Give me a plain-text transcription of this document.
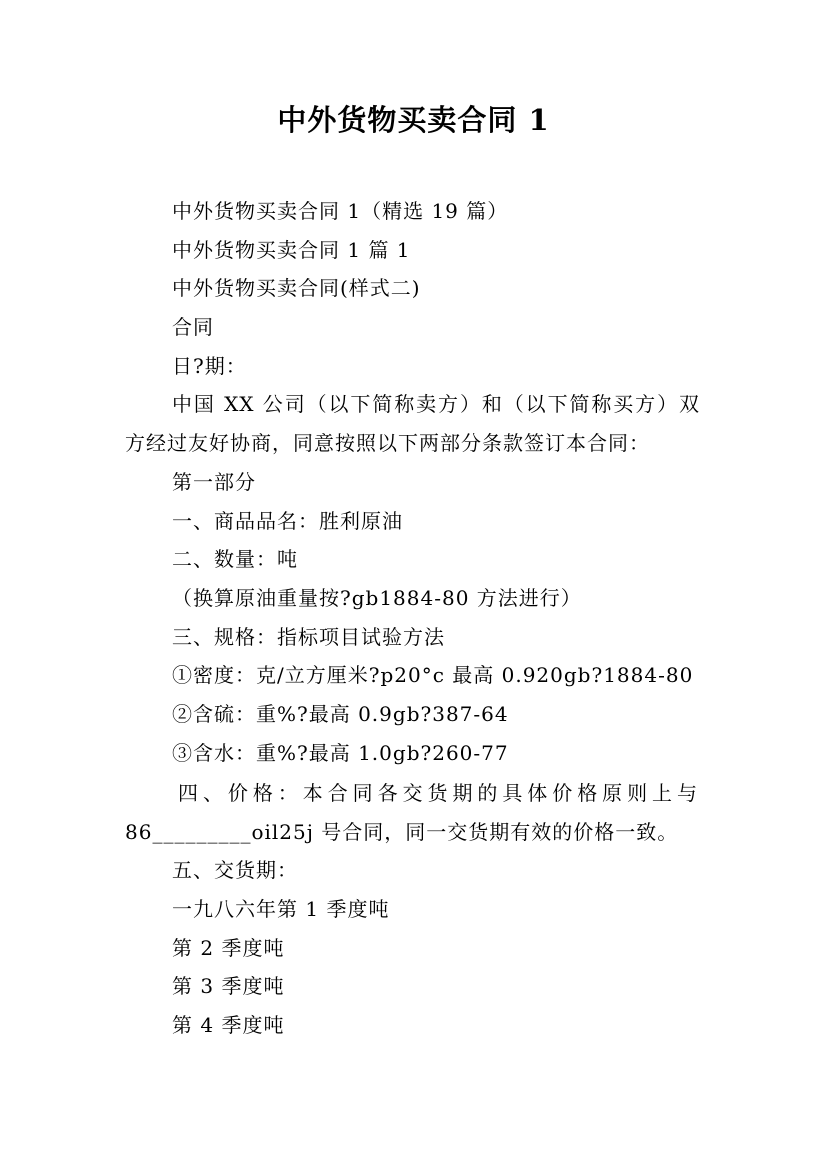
中外货物买卖合同 1
中外货物买卖合同 1（精选 19 篇）
中外货物买卖合同 1 篇 1
中外货物买卖合同(样式二)
合同
日?期：
中国 XX 公司（以下简称卖方）和（以下简称买方）双
方经过友好协商，同意按照以下两部分条款签订本合同：
第一部分
一、商品品名：胜利原油
二、数量：吨
（换算原油重量按?gb1884-80 方法进行）
三、规格：指标项目试验方法
①密度：克/立方厘米?p20°c 最高 0.920gb?1884-80
②含硫：重%?最高 0.9gb?387-64
③含水：重%?最高 1.0gb?260-77
四、价格：本合同各交货期的具体价格原则上与
86_________oil25j 号合同，同一交货期有效的价格一致。
五、交货期：
一九八六年第 1 季度吨
第 2 季度吨
第 3 季度吨
第 4 季度吨
